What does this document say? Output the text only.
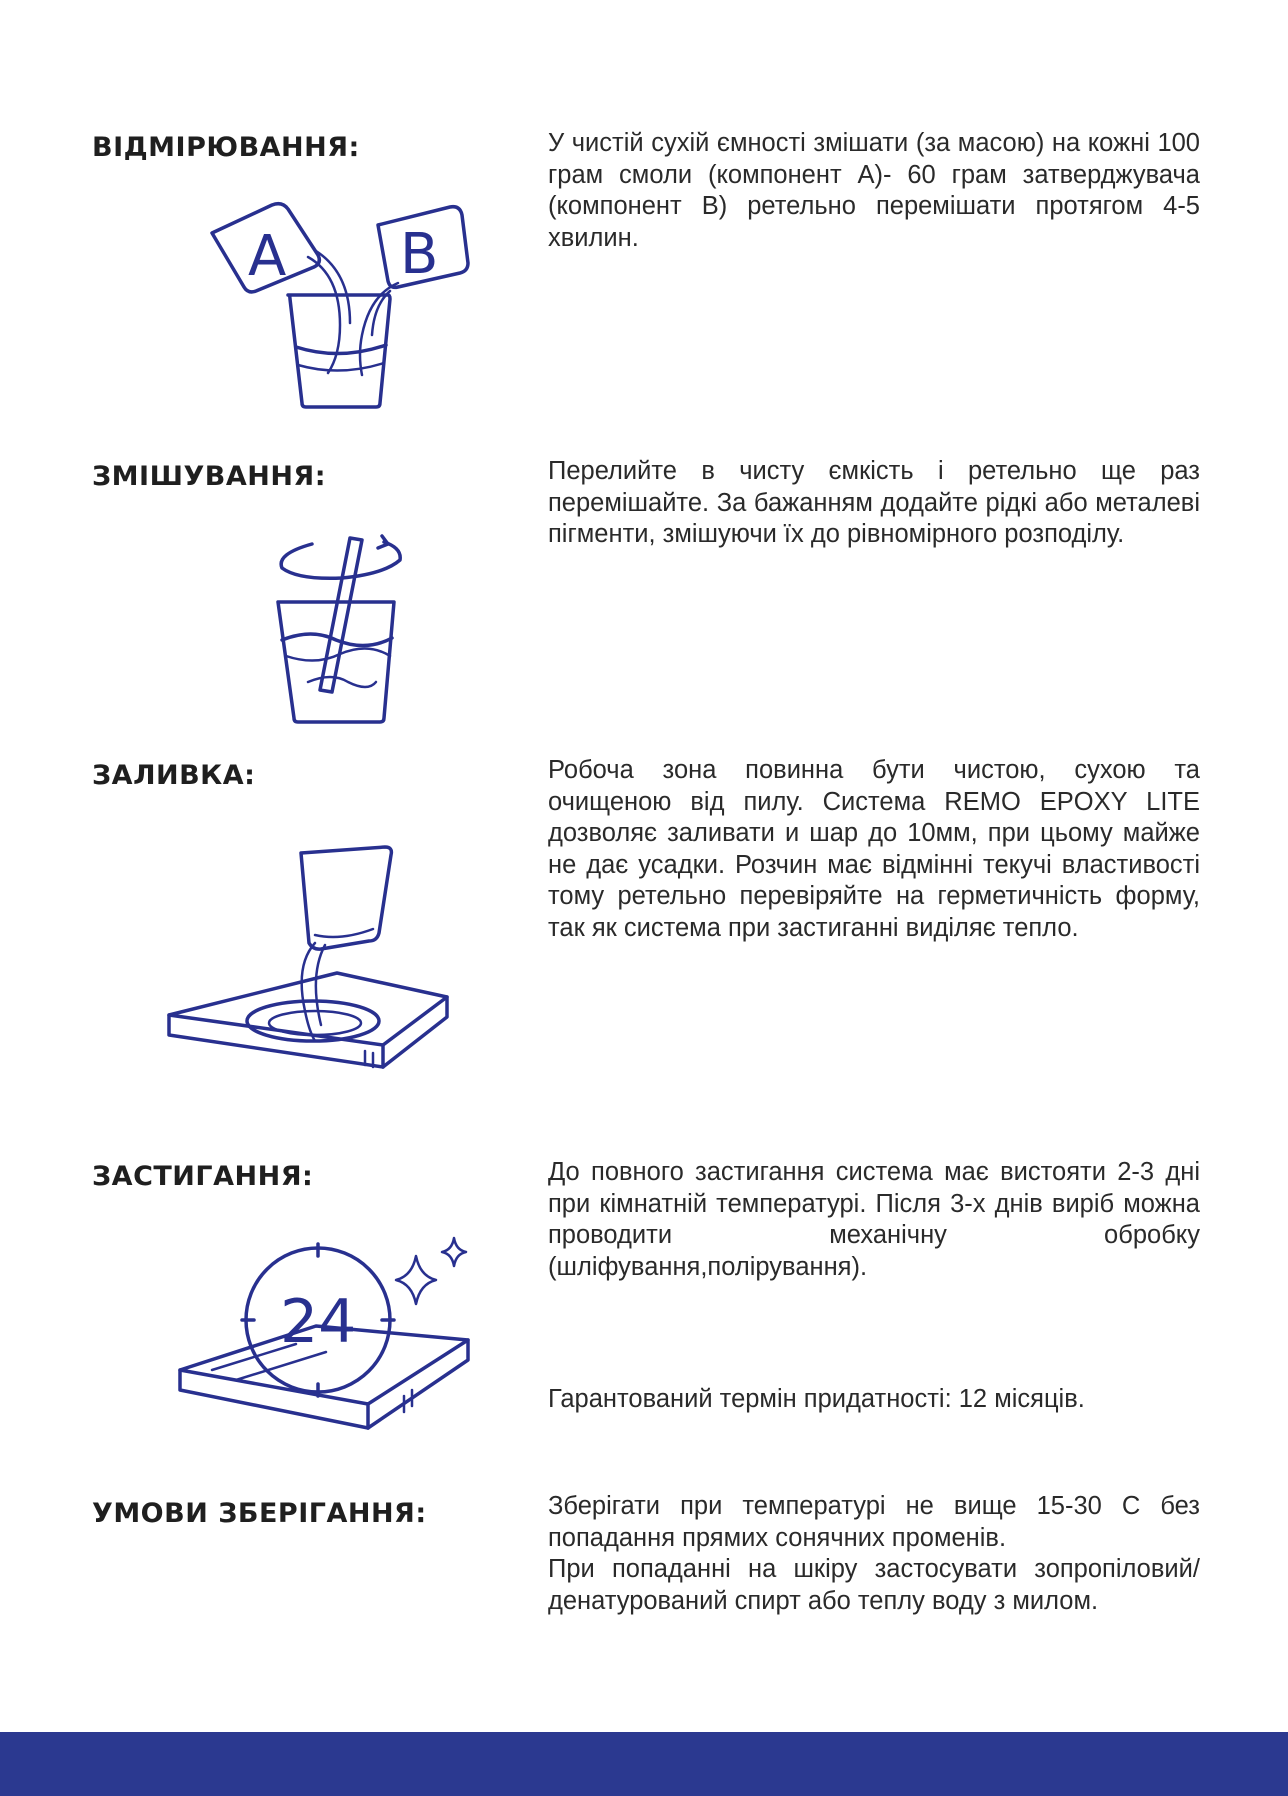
ВІДМІРЮВАННЯ:	У чистій сухій ємності змішати (за масою) на кожні 100 грам смоли (компонент А)- 60 грам затверджувача (компонент В) ретельно перемішати протягом 4-5 хвилин.

A B
ЗМІШУВАННЯ:	Перелийте в чисту ємкість і ретельно ще раз перемішайте. За бажанням додайте рідкі або металеві пігменти, змішуючи їх до рівномірного розподілу.

ЗАЛИВКА:	Робоча зона повинна бути чистою, сухою та очищеною від пилу. Система REMO EPOXY LITE дозволяє заливати и шар до 10мм, при цьому майже не дає усадки. Розчин має відмінні текучі властивості тому ретельно перевіряйте на герметичність форму, так як система при застиганні виділяє тепло.

ЗАСТИГАННЯ:	До повного застигання система має вистояти 2-3 дні при кімнатній температурі. Після 3-х днів виріб можна проводити механічну обробку (шліфування,полірування).

Гарантований термін придатності: 12 місяців.

24
УМОВИ ЗБЕРІГАННЯ:	Зберігати при температурі не вище 15-30 С без попадання прямих сонячних променів.

При попаданні на шкіру застосувати зопропіловий/денатурований спирт або теплу воду з милом.
